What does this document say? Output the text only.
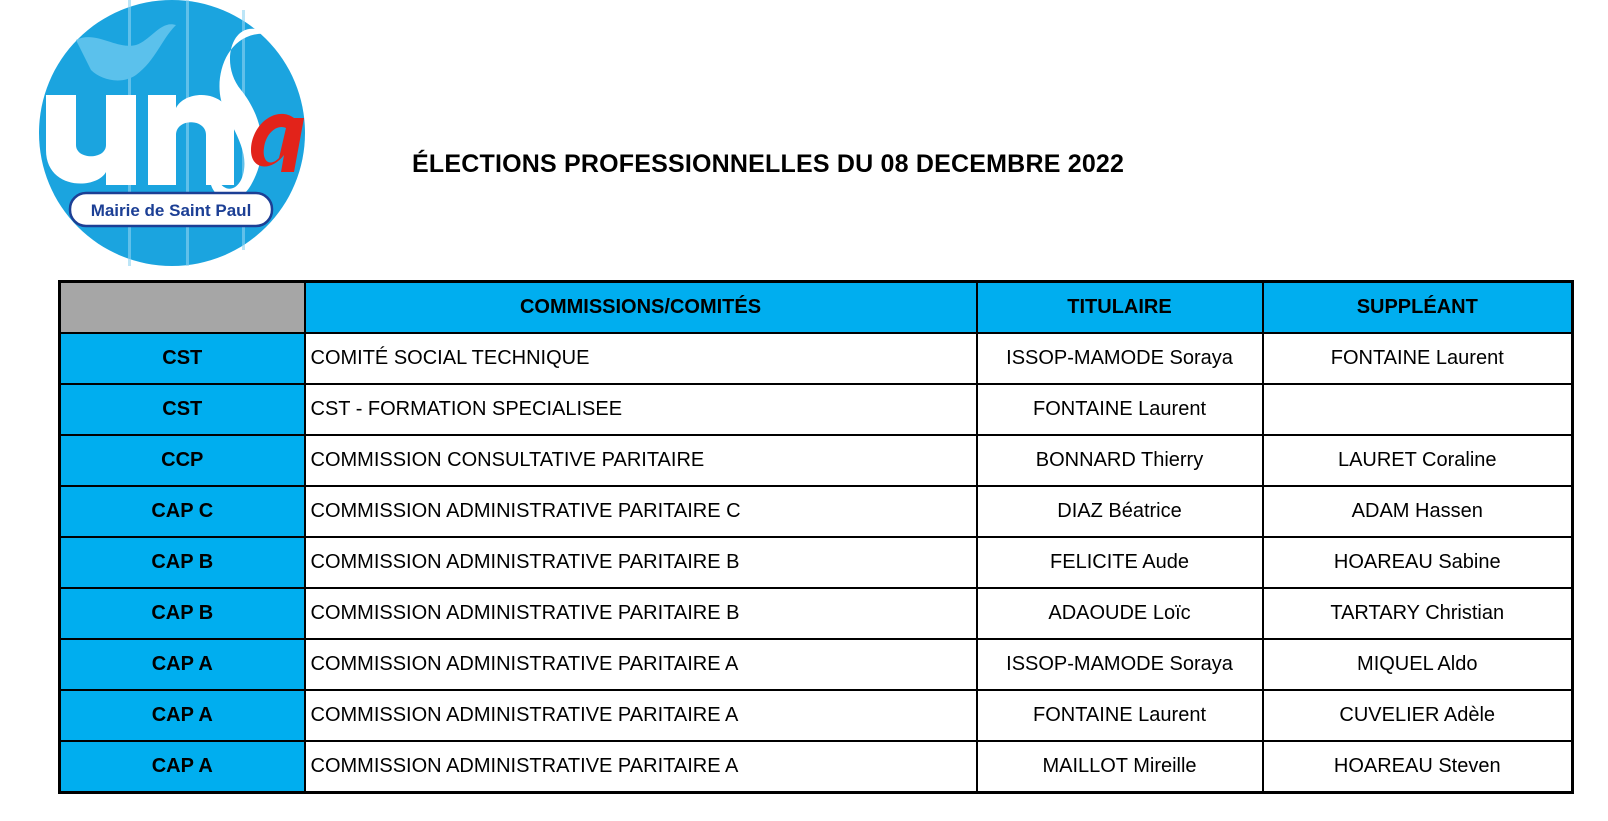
Mairie de Saint Paul
ÉLECTIONS PROFESSIONNELLES DU 08 DECEMBRE 2022
	COMMISSIONS/COMITÉS	TITULAIRE	SUPPLÉANT
CST	COMITÉ SOCIAL TECHNIQUE	ISSOP-MAMODE Soraya	FONTAINE Laurent
CST	CST - FORMATION SPECIALISEE	FONTAINE Laurent	
CCP	COMMISSION CONSULTATIVE PARITAIRE	BONNARD Thierry	LAURET Coraline
CAP C	COMMISSION ADMINISTRATIVE PARITAIRE C	DIAZ Béatrice	ADAM Hassen
CAP B	COMMISSION ADMINISTRATIVE PARITAIRE B	FELICITE Aude	HOAREAU Sabine
CAP B	COMMISSION ADMINISTRATIVE PARITAIRE B	ADAOUDE Loïc	TARTARY Christian
CAP A	COMMISSION ADMINISTRATIVE PARITAIRE A	ISSOP-MAMODE Soraya	MIQUEL Aldo
CAP A	COMMISSION ADMINISTRATIVE PARITAIRE A	FONTAINE Laurent	CUVELIER Adèle
CAP A	COMMISSION ADMINISTRATIVE PARITAIRE A	MAILLOT Mireille	HOAREAU Steven
